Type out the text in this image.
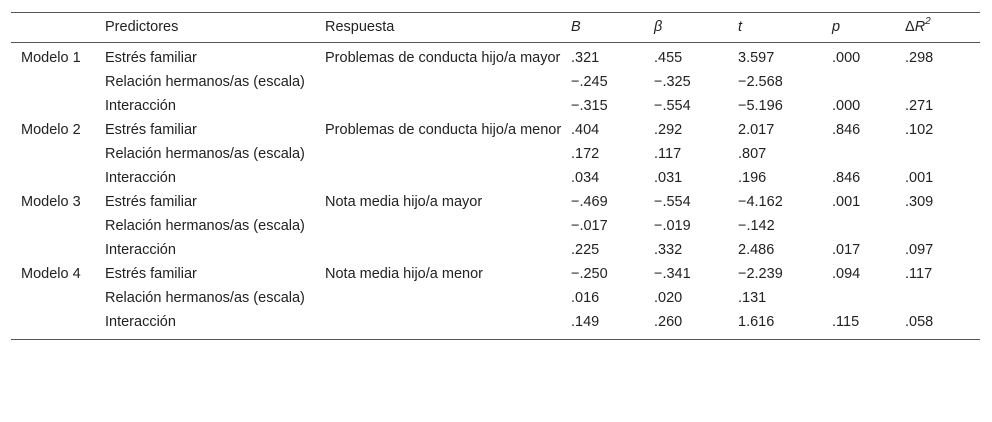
	Predictores	Respuesta	B	β	t	p	$\Delta R^2$
Modelo 1	Estrés familiar	Problemas de conducta hijo/a mayor	.321	.455	3.597	.000	.298
	Relación hermanos/as (escala)		−.245	−.325	−2.568		
	Interacción		−.315	−.554	−5.196	.000	.271
Modelo 2	Estrés familiar	Problemas de conducta hijo/a menor	.404	.292	2.017	.846	.102
	Relación hermanos/as (escala)		.172	.117	.807		
	Interacción		.034	.031	.196	.846	.001
Modelo 3	Estrés familiar	Nota media hijo/a mayor	−.469	−.554	−4.162	.001	.309
	Relación hermanos/as (escala)		−.017	−.019	−.142		
	Interacción		.225	.332	2.486	.017	.097
Modelo 4	Estrés familiar	Nota media hijo/a menor	−.250	−.341	−2.239	.094	.117
	Relación hermanos/as (escala)		.016	.020	.131		
	Interacción		.149	.260	1.616	.115	.058
